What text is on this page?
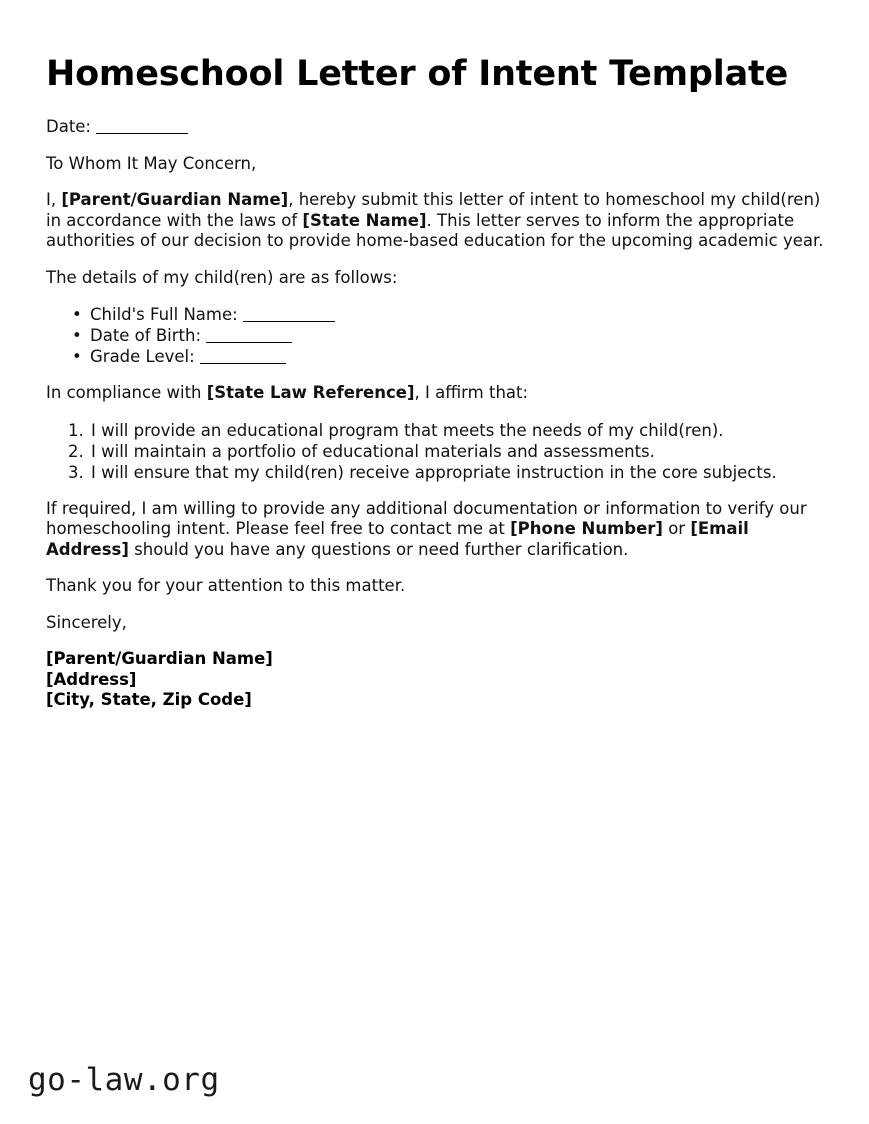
Homeschool Letter of Intent Template

Date:

To Whom It May Concern,

I, [Parent/Guardian Name], hereby submit this letter of intent to homeschool my child(ren) in accordance with the laws of [State Name]. This letter serves to inform the appropriate authorities of our decision to provide home-based education for the upcoming academic year.

The details of my child(ren) are as follows:

• Child's Full Name:
• Date of Birth:
• Grade Level:

In compliance with [State Law Reference], I affirm that:

I will provide an educational program that meets the needs of my child(ren).
I will maintain a portfolio of educational materials and assessments.
I will ensure that my child(ren) receive appropriate instruction in the core subjects.

If required, I am willing to provide any additional documentation or information to verify our homeschooling intent. Please feel free to contact me at [Phone Number] or [Email Address] should you have any questions or need further clarification.

Thank you for your attention to this matter.

Sincerely,

[Parent/Guardian Name]
[Address]
[City, State, Zip Code]
go-law.org
